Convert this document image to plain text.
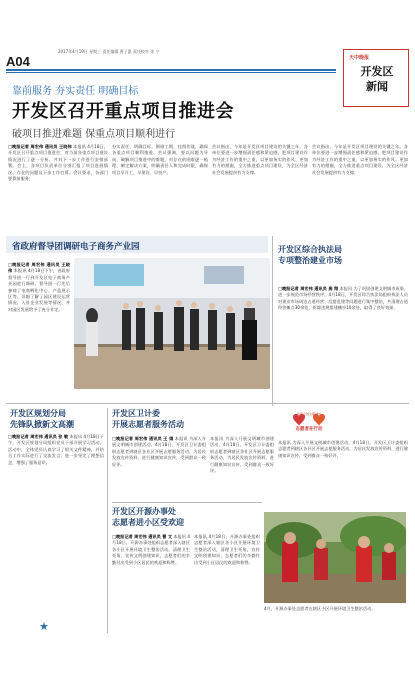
A04
2017年4月19日 星期三 责任编辑 曹子惠 责任校对 张 宁
天中晚报
开发区
新闻
靠前服务 夯实责任 明确目标
开发区召开重点项目推进会
破项目推进难题 保重点项目顺利进行
□晚报记者 周宏伟 通讯员 王晓伟 本报讯 4月18日，开发区召开重点项目推进会，对当前各重点项目建设情况进行了逐一分析，并对下一步工作进行安排部署。会上，各项目负责单位分别汇报了项目进展情况、存在的问题及下步工作打算。会议要求，各部门要靠前服务，
夯实责任，明确目标，倒排工期，挂图作战，确保各重点项目顺利推进。会议强调，要以问题为导向，破解项目推进中的难题，对存在的困难逐一梳理，制定解决方案，明确责任人和完成时限，确保项目早开工、早建设、早投产。
会议指出，今年是开发区项目建设的关键之年，各单位要进一步增强责任感和紧迫感，把项目建设作为经济工作的重中之重，以更加务实的作风、更加有力的措施，全力推进重点项目建设，为全区经济社会发展提供有力支撑。
会议指出，今年是开发区项目建设的关键之年，各单位要进一步增强责任感和紧迫感，把项目建设作为经济工作的重中之重，以更加务实的作风、更加有力的措施，全力推进重点项目建设，为全区经济社会发展提供有力支撑。
省政府督导团调研电子商务产业园
□晚报记者 周宏伟 通讯员 王晓伟 本报讯 4月18日下午，省政府督导团一行到开发区电子商务产业园进行调研。督导团一行先后参观了电商孵化中心、产品展示区等，详细了解了园区建设运营情况、入驻企业发展等情况，并对园区发展给予了充分肯定。
开发区综合执法局
专项整治建业市场
□晚报记者 周宏伟 通讯员 高 翔 本报讯 为了巩固创建文明城市成果，进一步规范市场经营秩序，4月18日，开发区综合执法局组织执法人员对建业市场周边占道经营、乱搭乱建等问题进行集中整治，共清理占道经营摊点30余处，拆除违规搭建棚亭10余处，取得了良好效果。
开发区规划分局
先锋队掀新文高潮
□晚报记者 周宏伟 通讯员 张 敏 本报讯 4月18日下午，开发区规划分局组织党员干部开展学习活动。活动中，全体党员认真学习了相关文件精神，并结合工作实际进行了交流发言，进一步坚定了理想信念，增强了服务意识。
★
开发区卫计委
开展志愿者服务活动
□晚报记者 周宏伟 通讯员 王 娟 本报讯 为深入开展文明城市创建活动，4月18日，开发区卫计委组织志愿者到辖区各社区开展志愿服务活动，为居民发放宣传资料，进行健康知识宣传，受到群众一致好评。
本报讯 为深入开展文明城市创建活动，4月18日，开发区卫计委组织志愿者到辖区各社区开展志愿服务活动，为居民发放宣传资料，进行健康知识宣传，受到群众一致好评。
创建全国文明城市
志愿者在行动
本报讯 为深入开展文明城市创建活动，4月18日，开发区卫计委组织志愿者到辖区各社区开展志愿服务活动，为居民发放宣传资料，进行健康知识宣传，受到群众一致好评。
开发区开源办事处
志愿者进小区受欢迎
□晚报记者 周宏伟 通讯员 曹 文 本报讯 4月18日，开源办事处组织志愿者深入辖区各小区开展环境卫生整治活动，清理卫生死角，宣传文明创建知识，志愿者们的辛勤付出受到小区居民的欢迎和称赞。
本报讯 4月18日，开源办事处组织志愿者深入辖区各小区开展环境卫生整治活动，清理卫生死角，宣传文明创建知识，志愿者们的辛勤付出受到小区居民的欢迎和称赞。
4月，开源办事处志愿者在辖区小区开展环境卫生整治活动。
